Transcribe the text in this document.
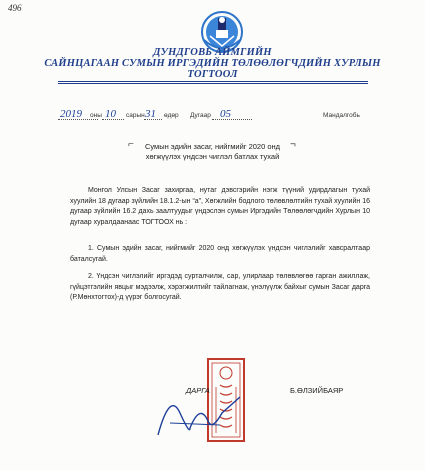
496
ДУНДГОВЬ АЙМГИЙН
САЙНЦАГААН СУМЫН ИРГЭДИЙН ТӨЛӨӨЛӨГЧДИЙН ХУРЛЫН
ТОГТООЛ
2019 оны 10 сарын 31 өдөр Дугаар 05	Мандалгобь
⌐	¬
Сумын эдийн засаг, нийгмийг 2020 онд
хөгжүүлэх үндсэн чиглэл батлах тухай
Монгол Улсын Засаг захиргаа, нутаг дэвсгэрийн нэгж түүний удирдлагын тухай хуулийн 18 дугаар зүйлийн 18.1.2-ын “а”, Хөгжлийн бодлого төлөвлөлтийн тухай хуулийн 16 дугаар зүйлийн 16.2 дахь заалтуудыг үндэслэн сумын Иргэдийн Төлөөлөгчдийн Хурлын 10 дугаар хуралдаанаас ТОГТООХ нь :
1. Сумын эдийн засаг, нийгмийг 2020 онд хөгжүүлэх үндсэн чиглэлийг хавсралтаар баталсугай.
2. Үндсэн чиглэлийг иргэдэд сурталчилж, сар, улирлаар төлөвлөгөө гарган ажиллаж, гүйцэтгэлийн явцыг мэдээлж, хэрэгжилтийг тайлагнаж, үнэлүүлж байхыг сумын Засаг дарга (Р.Мөнхтогтох)-д үүрэг болгосугай.
ДАРГА	Б.ӨЛЗИЙБАЯР
